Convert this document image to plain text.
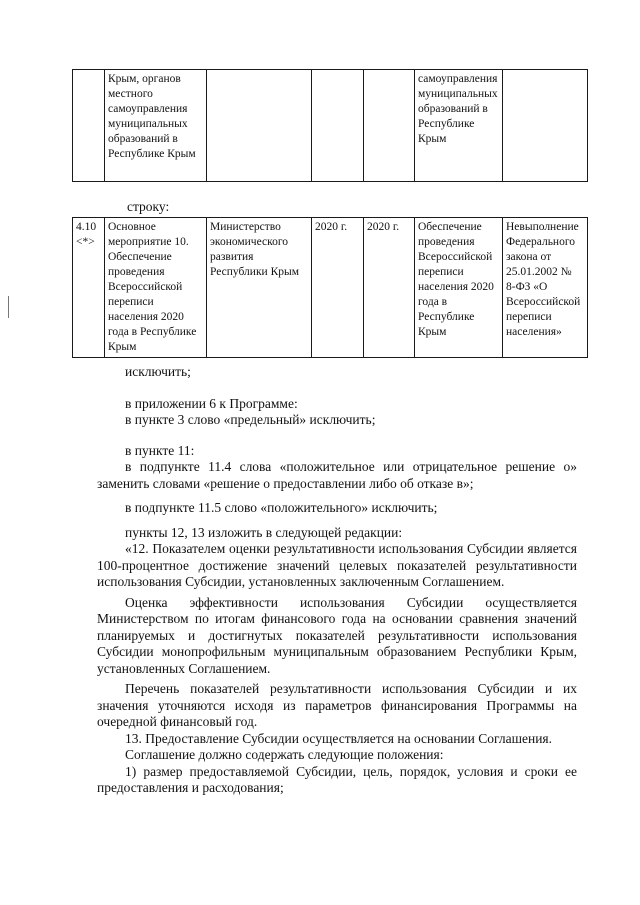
	Крым, органов местного самоуправления муниципальных образований в Республике Крым				самоуправления муниципальных образований в Республике Крым	
строку:
4.10 <*>	Основное мероприятие 10. Обеспечение проведения Всероссийской переписи населения 2020 года в Республике Крым	Министерство экономического развития Республики Крым	2020 г.	2020 г.	Обеспечение проведения Всероссийской переписи населения 2020 года в Республике Крым	Невыполнение Федерального закона от 25.01.2002 № 8-ФЗ «О Всероссийской переписи населения»

исключить;

в приложении 6 к Программе:

в пункте 3 слово «предельный» исключить;

в пункте 11:

в подпункте 11.4 слова «положительное или отрицательное решение о» заменить словами «решение о предоставлении либо об отказе в»;

в подпункте 11.5 слово «положительного» исключить;

пункты 12, 13 изложить в следующей редакции:

«12. Показателем оценки результативности использования Субсидии является 100-процентное достижение значений целевых показателей результативности использования Субсидии, установленных заключенным Соглашением.

Оценка эффективности использования Субсидии осуществляется Министерством по итогам финансового года на основании сравнения значений планируемых и достигнутых показателей результативности использования Субсидии монопрофильным муниципальным образованием Республики Крым, установленных Соглашением.

Перечень показателей результативности использования Субсидии и их значения уточняются исходя из параметров финансирования Программы на очередной финансовый год.

13. Предоставление Субсидии осуществляется на основании Соглашения.

Соглашение должно содержать следующие положения:

1) размер предоставляемой Субсидии, цель, порядок, условия и сроки ее предоставления и расходования;
